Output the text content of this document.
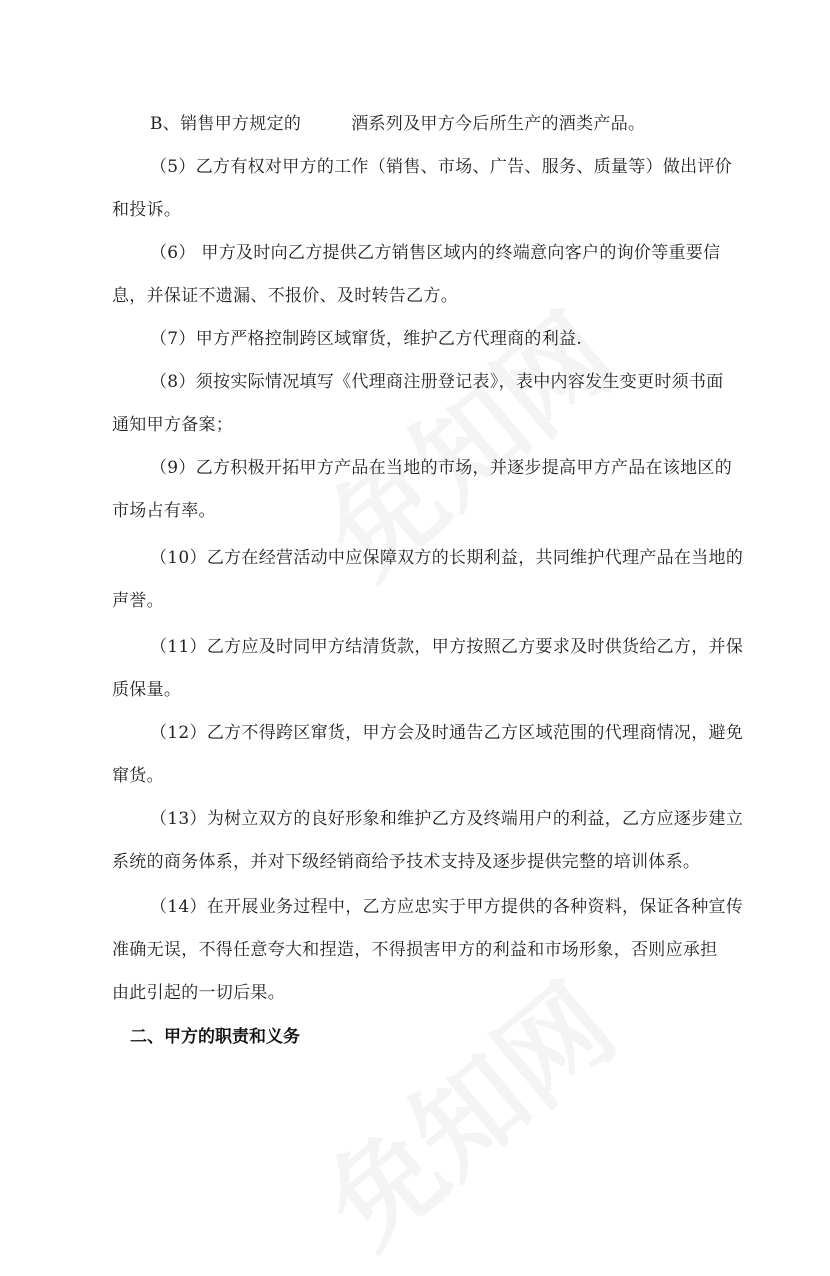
B、销售甲方规定的	酒系列及甲方今后所生产的酒类产品。
（5）乙方有权对甲方的工作（销售、市场、广告、服务、质量等）做出评价
和投诉。
（6） 甲方及时向乙方提供乙方销售区域内的终端意向客户的询价等重要信
息，并保证不遗漏、不报价、及时转告乙方。
（7）甲方严格控制跨区域窜货，维护乙方代理商的利益.
（8）须按实际情况填写《代理商注册登记表》，表中内容发生变更时须书面
通知甲方备案；
（9）乙方积极开拓甲方产品在当地的市场，并逐步提高甲方产品在该地区的
市场占有率。
（10）乙方在经营活动中应保障双方的长期利益，共同维护代理产品在当地的
声誉。
（11）乙方应及时同甲方结清货款，甲方按照乙方要求及时供货给乙方，并保
质保量。
（12）乙方不得跨区窜货，甲方会及时通告乙方区域范围的代理商情况，避免
窜货。
（13）为树立双方的良好形象和维护乙方及终端用户的利益，乙方应逐步建立
系统的商务体系，并对下级经销商给予技术支持及逐步提供完整的培训体系。
（14）在开展业务过程中，乙方应忠实于甲方提供的各种资料，保证各种宣传
准确无误，不得任意夸大和捏造，不得损害甲方的利益和市场形象，否则应承担
由此引起的一切后果。
二、甲方的职责和义务
